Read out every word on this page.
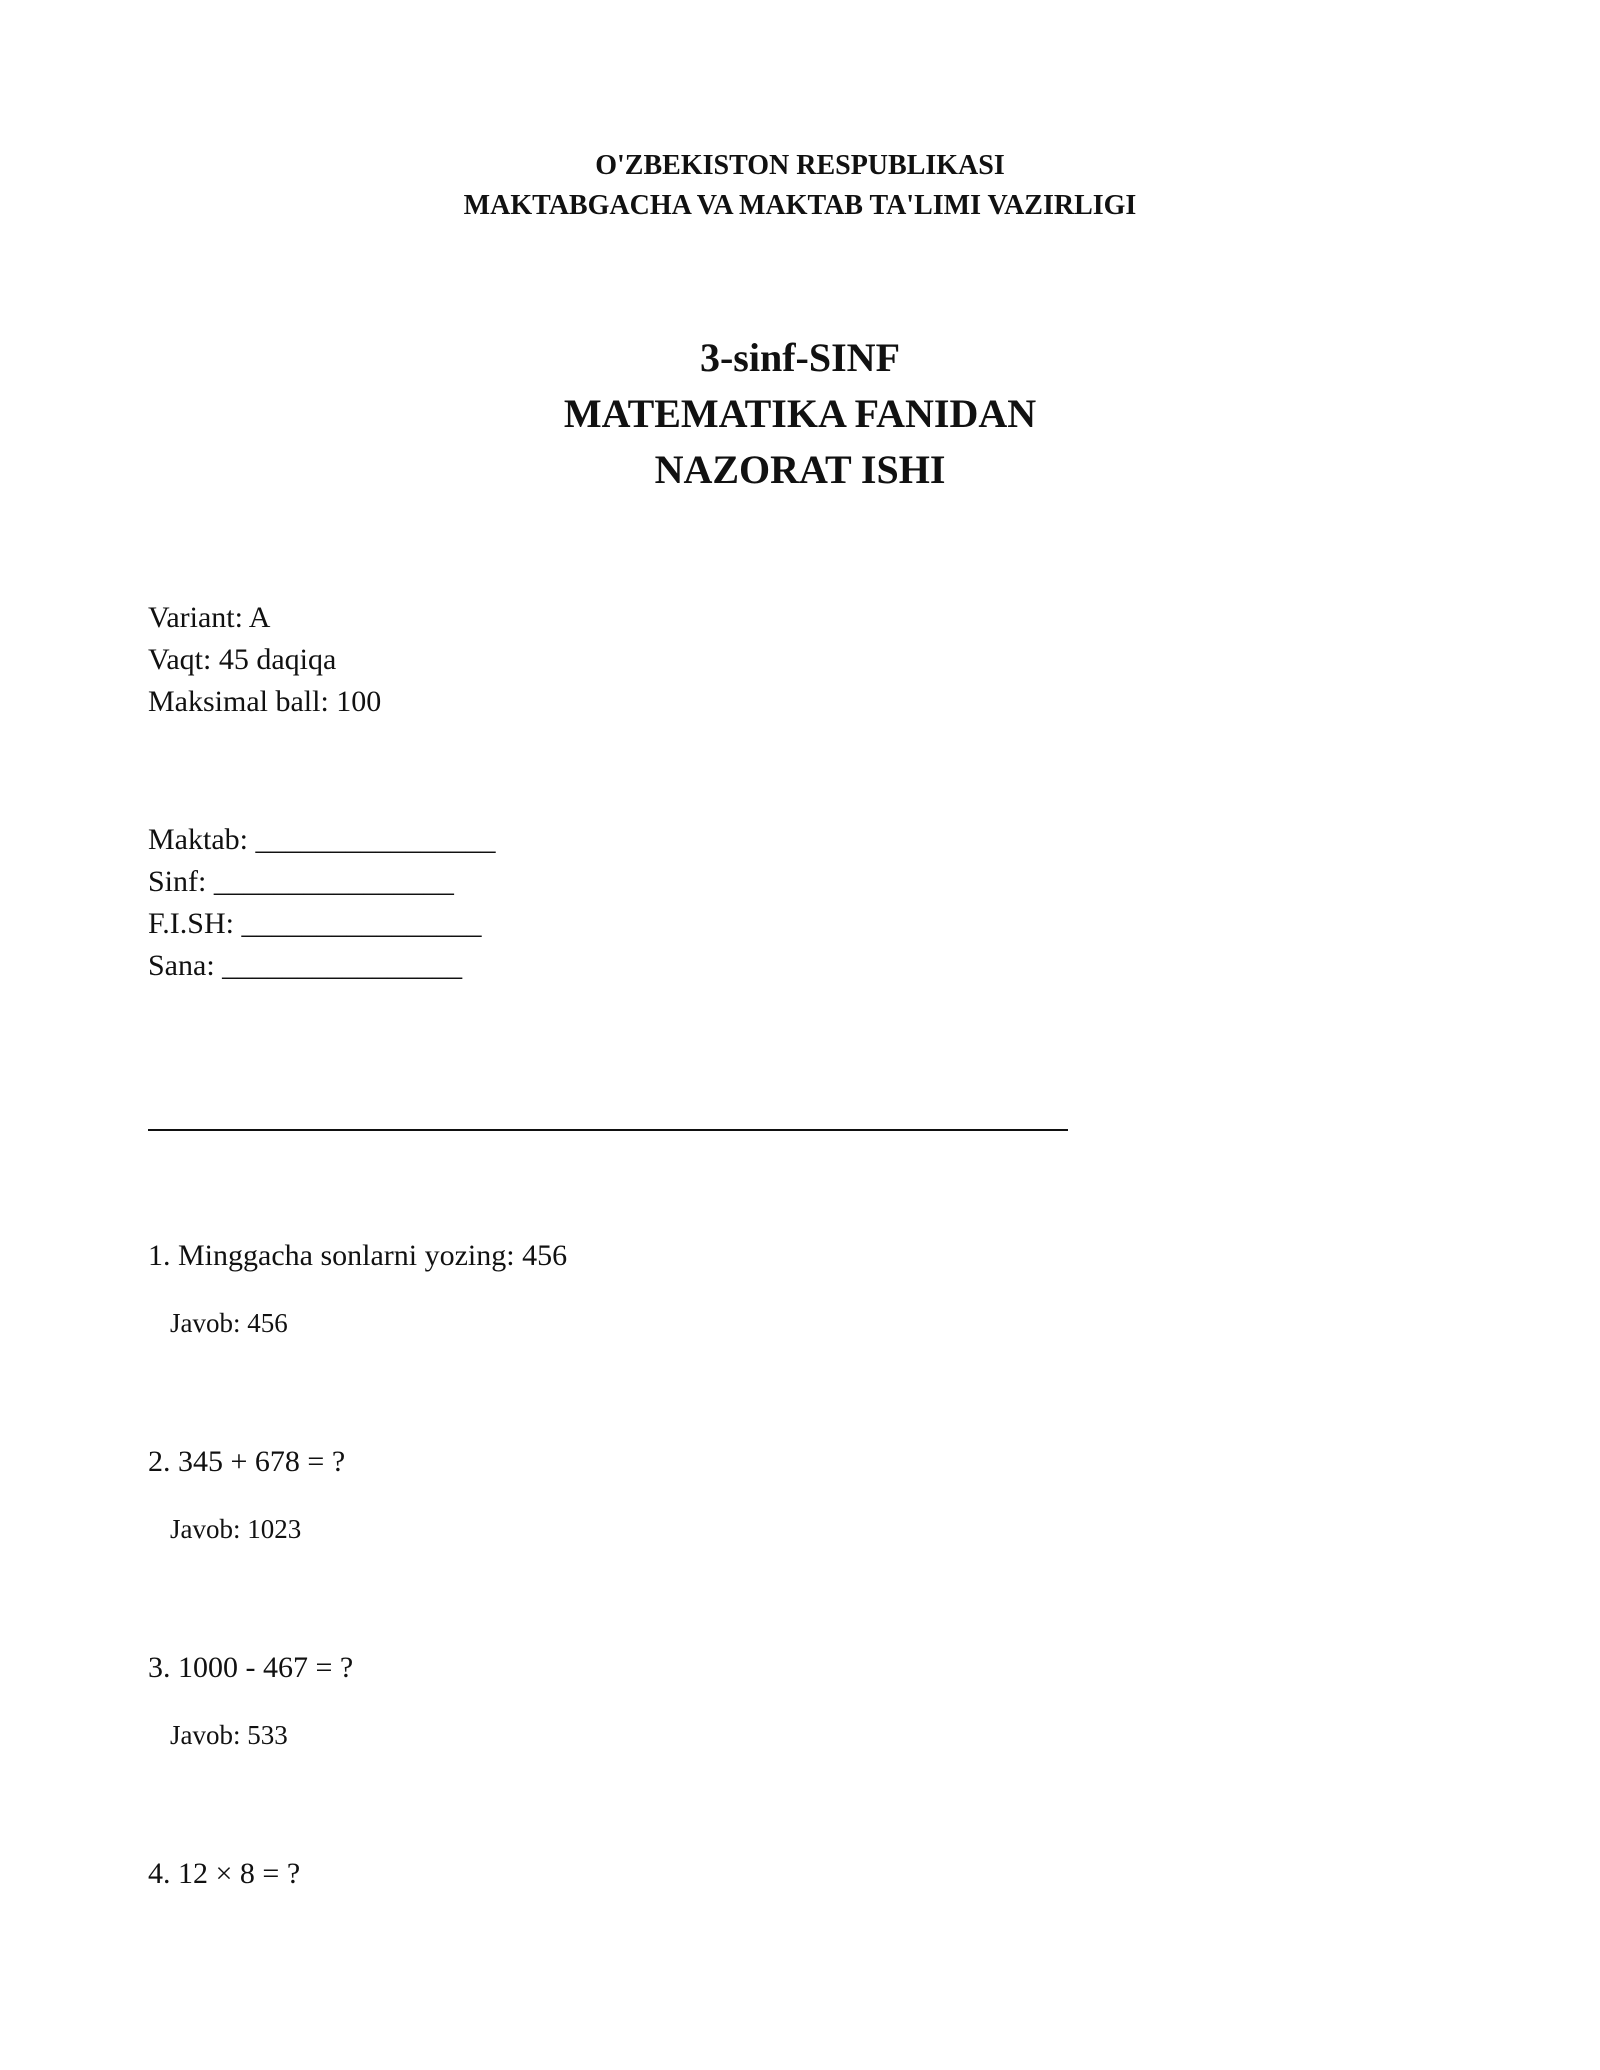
O'ZBEKISTON RESPUBLIKASI
MAKTABGACHA VA MAKTAB TA'LIMI VAZIRLIGI
3-sinf-SINF
MATEMATIKA FANIDAN
NAZORAT ISHI
Variant: A
Vaqt: 45 daqiqa
Maksimal ball: 100
Maktab: ________________
Sinf: ________________
F.I.SH: ________________
Sana: ________________
1. Minggacha sonlarni yozing: 456
Javob: 456
2. 345 + 678 = ?
Javob: 1023
3. 1000 - 467 = ?
Javob: 533
4. 12 × 8 = ?
